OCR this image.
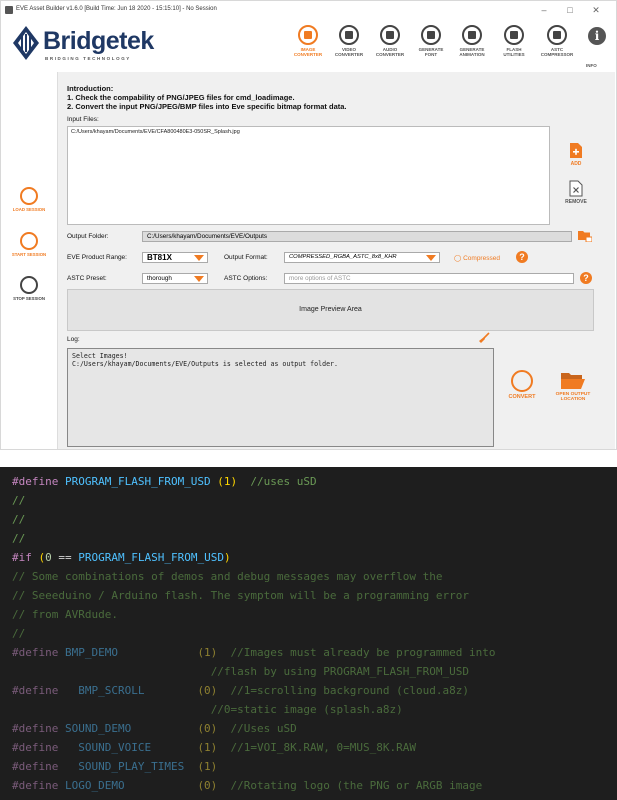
EVE Asset Builder v1.6.0 [Build Time: Jun 18 2020 - 15:15:10] - No Session	–	□	✕
Bridgetek
BRIDGING TECHNOLOGY
IMAGE
CONVERTER
VIDEO
CONVERTER
AUDIO
CONVERTER
GENERATE
FONT
GENERATE
ANIMATION
FLASH
UTILITIES
ASTC
COMPRESSOR
i
INFO
LOAD SESSION
START SESSION
STOP SESSION
Introduction:
1. Check the compability of PNG/JPEG files for cmd_loadimage.
2. Convert the input PNG/JPEG/BMP files into Eve specific bitmap format data.
Input Files:
C:/Users/khayam/Documents/EVE/CFA800480E3-050SR_Splash.jpg
ADD
REMOVE
Output Folder:	C:/Users/khayam/Documents/EVE/Outputs
EVE Product Range:	BT81X	Output Format:	COMPRESSED_RGBA_ASTC_8x8_KHR	◯ Compressed	?
ASTC Preset:	thorough	ASTC Options:	more options of ASTC	?
Image Preview Area
Log:
Select Images!
C:/Users/khayam/Documents/EVE/Outputs is selected as output folder.
CONVERT	OPEN OUTPUT
LOCATION
#define PROGRAM_FLASH_FROM_USD (1)  //uses uSD
//
//
//
#if (0 == PROGRAM_FLASH_FROM_USD)
// Some combinations of demos and debug messages may overflow the
// Seeeduino / Arduino flash. The symptom will be a programming error
// from AVRdude.
//
#define BMP_DEMO            (1)  //Images must already be programmed into
//flash by using PROGRAM_FLASH_FROM_USD
#define   BMP_SCROLL        (0)  //1=scrolling background (cloud.a8z)
//0=static image (splash.a8z)
#define SOUND_DEMO          (0)  //Uses uSD
#define   SOUND_VOICE       (1)  //1=VOI_8K.RAW, 0=MUS_8K.RAW
#define   SOUND_PLAY_TIMES  (1)
#define LOGO_DEMO           (0)  //Rotating logo (the PNG or ARGB image
